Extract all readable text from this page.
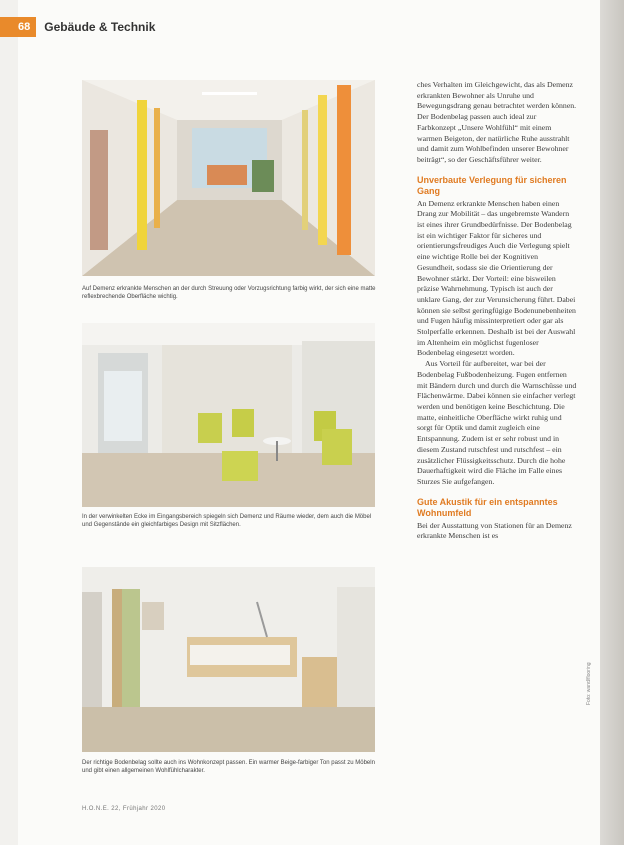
68	Gebäude & Technik
Auf Demenz erkrankte Menschen an der durch Streuung oder Vorzugsrichtung farbig wirkt, der sich eine matte reflexbrechende Oberfläche wichtig.
In der verwinkelten Ecke im Eingangsbereich spiegeln sich Demenz und Räume wieder, dem auch die Möbel und Gegenstände ein gleichfarbiges Design mit Sitzflächen.
Der richtige Bodenbelag sollte auch ins Wohnkonzept passen. Ein warmer Beige-farbiger Ton passt zu Möbeln und gibt einen allgemeinen Wohlfühlcharakter.

ches Verhalten im Gleichgewicht, das als Demenz erkrankten Bewohner als Unruhe und Bewegungsdrang genau betrachtet werden können. Der Bodenbelag passen auch ideal zur Farbkonzept „Unsere Wohlfühl“ mit einem warmen Beigeton, der natürliche Ruhe ausstrahlt und damit zum Wohlbefinden unserer Bewohner beiträgt“, so der Geschäftsführer weiter.

Unverbaute Verlegung für sicheren Gang

An Demenz erkrankte Menschen haben einen Drang zur Mobilität – das ungebremste Wandern ist eines ihrer Grundbedürfnisse. Der Bodenbelag ist ein wichtiger Faktor für sicheres und orientierungsfreudiges Auch die Verlegung spielt eine wichtige Rolle bei der Kognitiven Gesundheit, sodass sie die Orientierung der Bewohner stärkt. Der Vorteil: eine bisweilen präzise Wahrnehmung. Typisch ist auch der unklare Gang, der zur Verunsicherung führt. Dabei können sie selbst geringfügige Bodenunebenheiten und Fugen häufig missinterpretiert oder gar als Stolperfalle erkennen. Deshalb ist bei der Auswahl im Altenheim ein möglichst fugenloser Bodenbelag eingesetzt worden.

Aus Vorteil für aufbereitet, war bei der Bodenbelag Fußbodenheizung. Fugen entfernen mit Bändern durch und durch die Warnschüsse und Flächenwärme. Dabei können sie einfacher verlegt werden und benötigen keine Beschichtung. Die matte, einheitliche Oberfläche wirkt ruhig und sorgt für Optik und damit zugleich eine Entspannung. Zudem ist er sehr robust und in diesem Zustand rutschfest und rutschfest – ein zusätzlicher Flüssigkeitsschutz. Durch die hohe Dauerhaftigkeit wird die Fläche im Falle eines Sturzes Sie aufgefangen.

Gute Akustik für ein entspanntes Wohnumfeld

Bei der Ausstattung von Stationen für an Demenz erkrankte Menschen ist es

Foto: wand/flooring
H.O.N.E. 22, Frühjahr 2020
